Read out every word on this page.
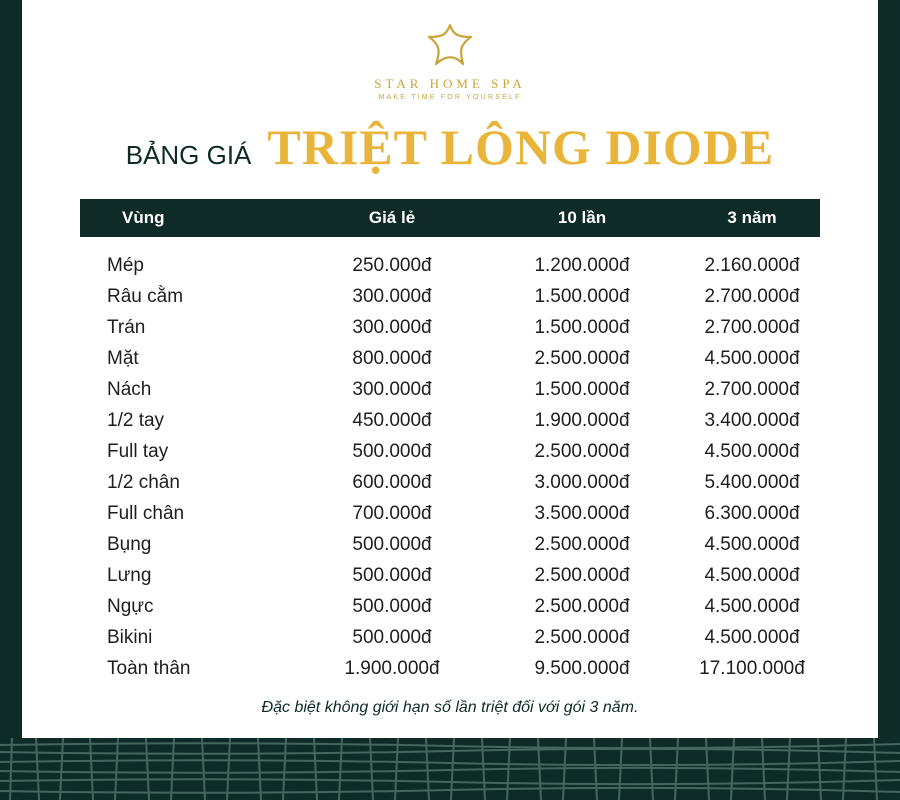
STAR HOME SPA
MAKE TIME FOR YOURSELF
BẢNG GIÁ TRIỆT LÔNG DIODE
Vùng	Giá lẻ	10 lần	3 năm
Mép	250.000đ	1.200.000đ	2.160.000đ
Râu cằm	300.000đ	1.500.000đ	2.700.000đ
Trán	300.000đ	1.500.000đ	2.700.000đ
Mặt	800.000đ	2.500.000đ	4.500.000đ
Nách	300.000đ	1.500.000đ	2.700.000đ
1/2 tay	450.000đ	1.900.000đ	3.400.000đ
Full tay	500.000đ	2.500.000đ	4.500.000đ
1/2 chân	600.000đ	3.000.000đ	5.400.000đ
Full chân	700.000đ	3.500.000đ	6.300.000đ
Bụng	500.000đ	2.500.000đ	4.500.000đ
Lưng	500.000đ	2.500.000đ	4.500.000đ
Ngực	500.000đ	2.500.000đ	4.500.000đ
Bikini	500.000đ	2.500.000đ	4.500.000đ
Toàn thân	1.900.000đ	9.500.000đ	17.100.000đ
Đặc biệt không giới hạn số lần triệt đối với gói 3 năm.
